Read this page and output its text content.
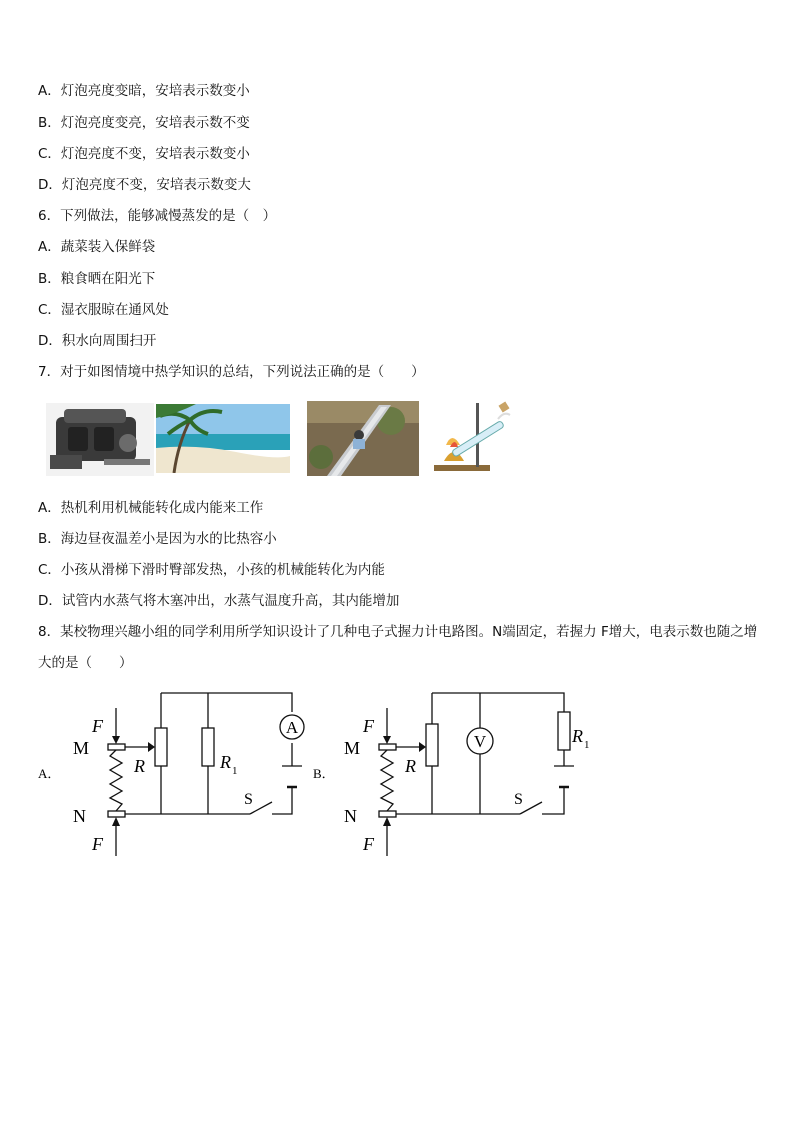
A．灯泡亮度变暗，安培表示数变小
B．灯泡亮度变亮，安培表示数不变
C．灯泡亮度不变，安培表示数变小
D．灯泡亮度不变，安培表示数变大
6．下列做法，能够减慢蒸发的是（　）
A．蔬菜装入保鲜袋
B．粮食晒在阳光下
C．湿衣服晾在通风处
D．积水向周围扫开
7．对于如图情境中热学知识的总结，下列说法正确的是（　　）
A．热机利用机械能转化成内能来工作
B．海边昼夜温差小是因为水的比热容小
C．小孩从滑梯下滑时臀部发热，小孩的机械能转化为内能
D．试管内水蒸气将木塞冲出，水蒸气温度升高，其内能增加
8．某校物理兴趣小组的同学利用所学知识设计了几种电子式握力计电路图。N端固定，若握力 F增大，电表示数也随之增大的是（　　）
A
F
F
M
N
R	R 1
S
A．
V
F
F
M
N
R
R 1
S
B．
